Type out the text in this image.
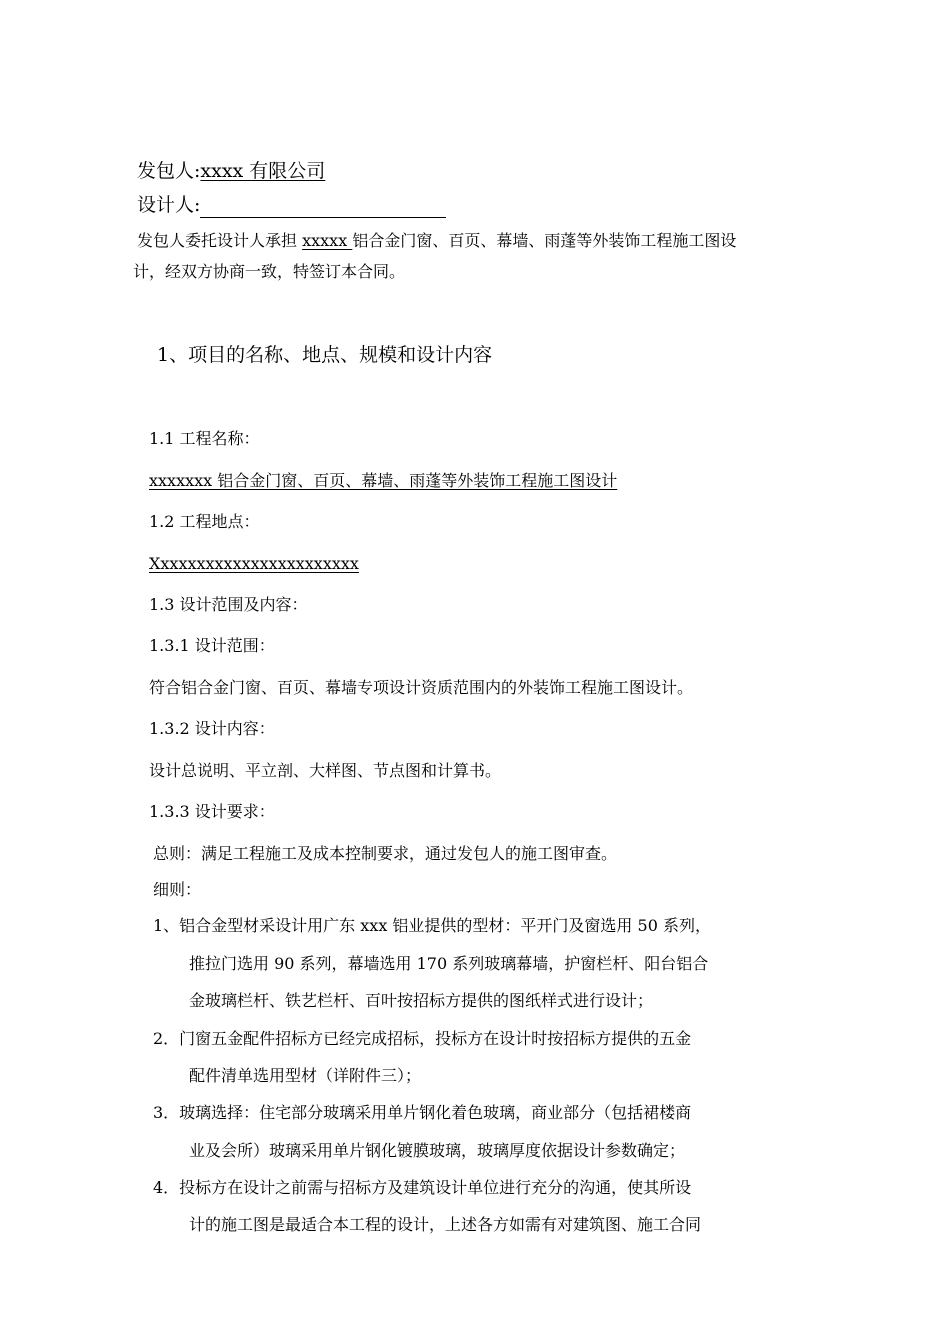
发包人:xxxx 有限公司
设计人:
发包人委托设计人承担 xxxxx 铝合金门窗、百页、幕墙、雨蓬等外装饰工程施工图设
计，经双方协商一致，特签订本合同。
1、项目的名称、地点、规模和设计内容
1.1 工程名称：
xxxxxxx 铝合金门窗、百页、幕墙、雨蓬等外装饰工程施工图设计
1.2 工程地点：
Xxxxxxxxxxxxxxxxxxxxxxx
1.3 设计范围及内容：
1.3.1 设计范围：
符合铝合金门窗、百页、幕墙专项设计资质范围内的外装饰工程施工图设计。
1.3.2 设计内容：
设计总说明、平立剖、大样图、节点图和计算书。
1.3.3 设计要求：
总则：满足工程施工及成本控制要求，通过发包人的施工图审查。
细则：
1、铝合金型材采设计用广东 xxx 铝业提供的型材：平开门及窗选用 50 系列，
推拉门选用 90 系列，幕墙选用 170 系列玻璃幕墙，护窗栏杆、阳台铝合
金玻璃栏杆、铁艺栏杆、百叶按招标方提供的图纸样式进行设计；
2．门窗五金配件招标方已经完成招标，投标方在设计时按招标方提供的五金
配件清单选用型材（详附件三）；
3．玻璃选择：住宅部分玻璃采用单片钢化着色玻璃，商业部分（包括裙楼商
业及会所）玻璃采用单片钢化镀膜玻璃，玻璃厚度依据设计参数确定；
4．投标方在设计之前需与招标方及建筑设计单位进行充分的沟通，使其所设
计的施工图是最适合本工程的设计，上述各方如需有对建筑图、施工合同
